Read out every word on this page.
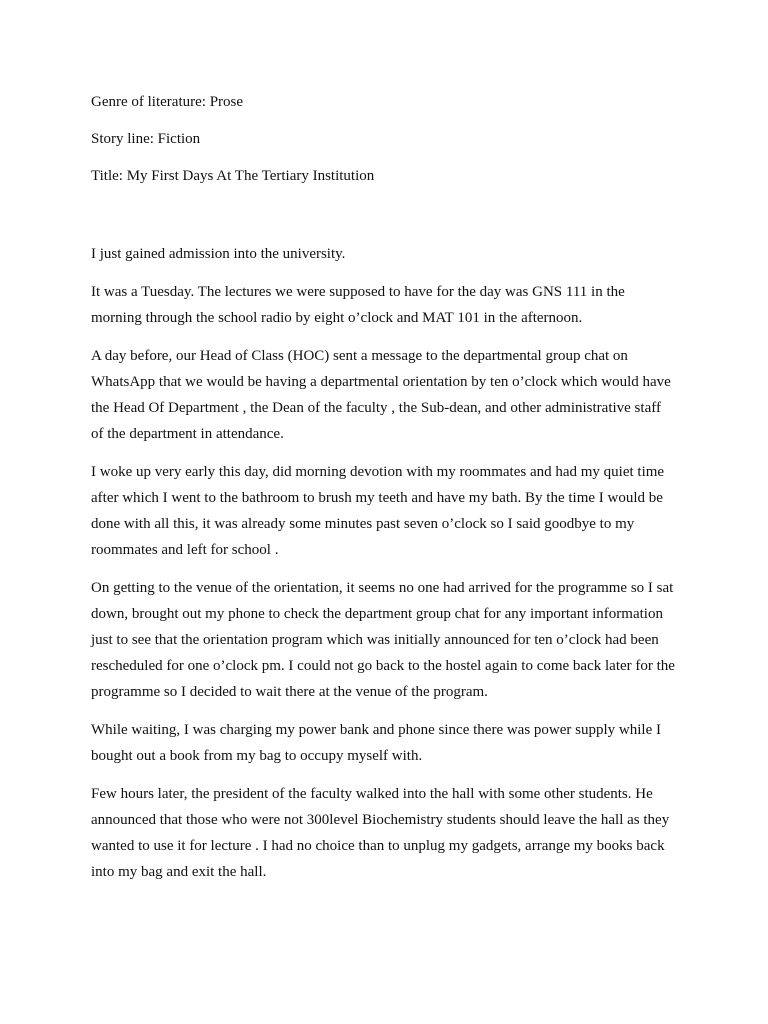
Genre of literature: Prose

Story line: Fiction

Title: My First Days At The Tertiary Institution

I just gained admission into the university.

It was a Tuesday. The lectures we were supposed to have for the day was GNS 111 in the
morning through the school radio by eight o’clock and MAT 101 in the afternoon.

A day before, our Head of Class (HOC) sent a message to the departmental group chat on
WhatsApp that we would be having a departmental orientation by ten o’clock which would have
the Head Of Department , the Dean of the faculty , the Sub-dean, and other administrative staff
of the department in attendance.

I woke up very early this day, did morning devotion with my roommates and had my quiet time
after which I went to the bathroom to brush my teeth and have my bath. By the time I would be
done with all this, it was already some minutes past seven o’clock so I said goodbye to my
roommates and left for school .

On getting to the venue of the orientation, it seems no one had arrived for the programme so I sat
down, brought out my phone to check the department group chat for any important information
just to see that the orientation program which was initially announced for ten o’clock had been
rescheduled for one o’clock pm. I could not go back to the hostel again to come back later for the
programme so I decided to wait there at the venue of the program.

While waiting, I was charging my power bank and phone since there was power supply while I
bought out a book from my bag to occupy myself with.

Few hours later, the president of the faculty walked into the hall with some other students. He
announced that those who were not 300level Biochemistry students should leave the hall as they
wanted to use it for lecture . I had no choice than to unplug my gadgets, arrange my books back
into my bag and exit the hall.
